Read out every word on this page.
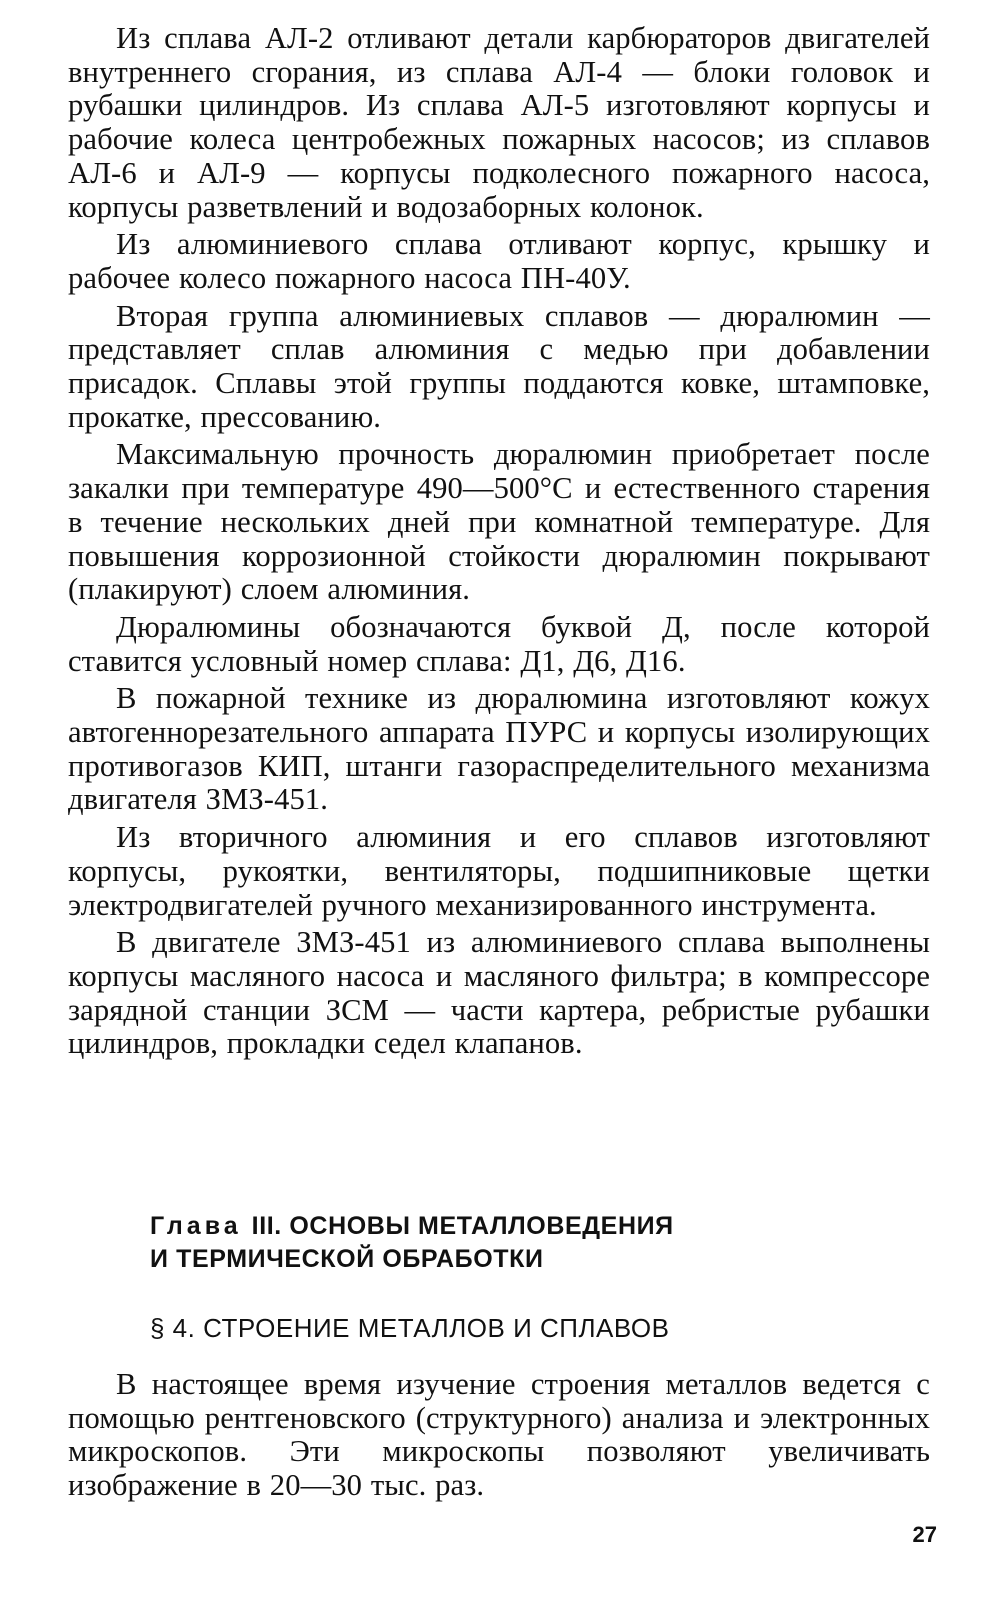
Из сплава АЛ-2 отливают детали карбюраторов двигателей внутреннего сгорания, из сплава АЛ-4 — блоки головок и рубашки цилиндров. Из сплава АЛ-5 изготовляют корпусы и рабочие колеса центробежных пожарных насосов; из сплавов АЛ-6 и АЛ-9 — корпусы подколесного пожарного насоса, корпусы разветвлений и водозаборных колонок.

Из алюминиевого сплава отливают корпус, крышку и рабочее колесо пожарного насоса ПН-40У.

Вторая группа алюминиевых сплавов — дюралюмин — представляет сплав алюминия с медью при добавлении присадок. Сплавы этой группы поддаются ковке, штамповке, прокатке, прессованию.

Максимальную прочность дюралюмин приобретает после закалки при температуре 490—500°С и естественного старения в течение нескольких дней при комнатной температуре. Для повышения коррозионной стойкости дюралюмин покрывают (плакируют) слоем алюминия.

Дюралюмины обозначаются буквой Д, после которой ставится условный номер сплава: Д1, Д6, Д16.

В пожарной технике из дюралюмина изготовляют кожух автогеннорезательного аппарата ПУРС и корпусы изолирующих противогазов КИП, штанги газораспределительного механизма двигателя ЗМЗ-451.

Из вторичного алюминия и его сплавов изготовляют корпусы, рукоятки, вентиляторы, подшипниковые щетки электродвигателей ручного механизированного инструмента.

В двигателе ЗМЗ-451 из алюминиевого сплава выполнены корпусы масляного насоса и масляного фильтра; в компрессоре зарядной станции ЗСМ — части картера, ребристые рубашки цилиндров, прокладки седел клапанов.

Глава III. ОСНОВЫ МЕТАЛЛОВЕДЕНИЯ
И ТЕРМИЧЕСКОЙ ОБРАБОТКИ
§ 4. СТРОЕНИЕ МЕТАЛЛОВ И СПЛАВОВ

В настоящее время изучение строения металлов ведется с помощью рентгеновского (структурного) анализа и электронных микроскопов. Эти микроскопы позволяют увеличивать изображение в 20—30 тыс. раз.

27
